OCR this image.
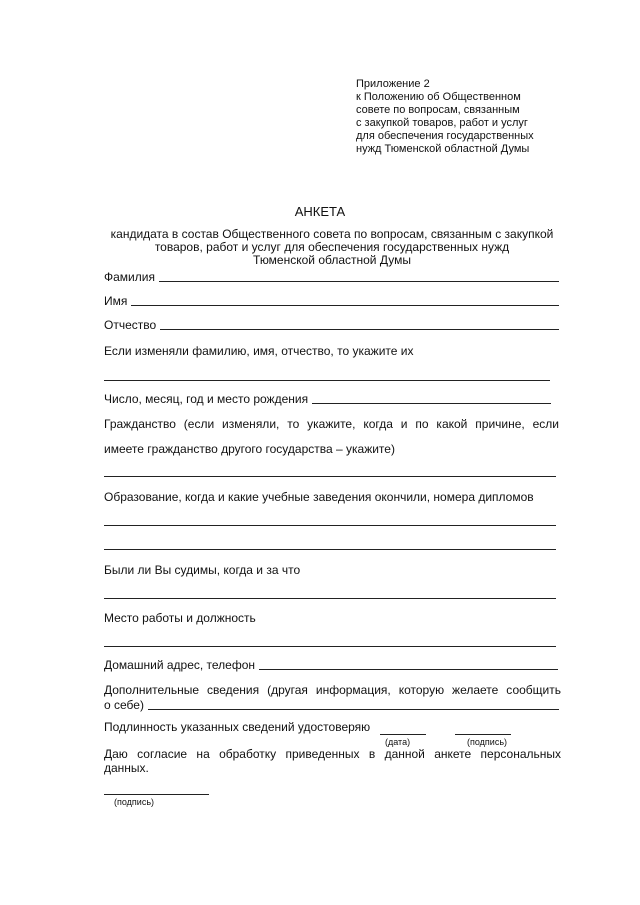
Приложение 2
к Положению об Общественном
совете по вопросам, связанным
с закупкой товаров, работ и услуг
для обеспечения государственных
нужд Тюменской областной Думы
АНКЕТА
кандидата в состав Общественного совета по вопросам, связанным с закупкой
товаров, работ и услуг для обеспечения государственных нужд
Тюменской областной Думы
Фамилия
Имя
Отчество
Если изменяли фамилию, имя, отчество, то укажите их
Число, месяц, год и место рождения
Гражданство (если изменяли, то укажите, когда и по какой причине, если
имеете гражданство другого государства – укажите)
Образование, когда и какие учебные заведения окончили, номера дипломов
Были ли Вы судимы, когда и за что
Место работы и должность
Домашний адрес, телефон
Дополнительные сведения (другая информация, которую желаете сообщить
о себе)
Подлинность указанных сведений удостоверяю
(дата)	(подпись)
Даю согласие на обработку приведенных в данной анкете персональных данных.
(подпись)
